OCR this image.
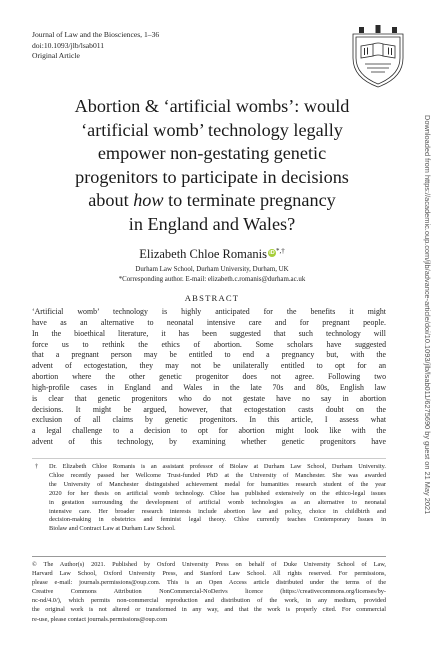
Journal of Law and the Biosciences, 1–36
doi:10.1093/jlb/lsab011
Original Article
Abortion & ‘artificial wombs’: would
‘artificial womb’ technology legally
empower non-gestating genetic
progenitors to participate in decisions
about how to terminate pregnancy
in England and Wales?
Elizabeth Chloe Romanis iD*,†
Durham Law School, Durham University, Durham, UK
*Corresponding author. E-mail: elizabeth.c.romanis@durham.ac.uk
ABSTRACT
‘Artificial womb’ technology is highly anticipated for the benefits it might
have as an alternative to neonatal intensive care and for pregnant people.
In the bioethical literature, it has been suggested that such technology will
force us to rethink the ethics of abortion. Some scholars have suggested
that a pregnant person may be entitled to end a pregnancy but, with the
advent of ectogestation, they may not be unilaterally entitled to opt for an
abortion where the other genetic progenitor does not agree. Following two
high-profile cases in England and Wales in the late 70s and 80s, English law
is clear that genetic progenitors who do not gestate have no say in abortion
decisions. It might be argued, however, that ectogestation casts doubt on the
exclusion of all claims by genetic progenitors. In this article, I assess what
a legal challenge to a decision to opt for abortion might look like with the
advent of this technology, by examining whether genetic progenitors have
† Dr. Elizabeth Chloe Romanis is an assistant professor of Biolaw at Durham Law School, Durham University.
Chloe recently passed her Wellcome Trust-funded PhD at the University of Manchester. She was awarded
the University of Manchester distinguished achievement medal for humanities research student of the year
2020 for her thesis on artificial womb technology. Chloe has published extensively on the ethico-legal issues
in gestation surrounding the development of artificial womb technologies as an alternative to neonatal
intensive care. Her broader research interests include abortion law and policy, choice in childbirth and
decision-making in obstetrics and feminist legal theory. Chloe currently teaches Contemporary Issues in
Biolaw and Contract Law at Durham Law School.
© The Author(s) 2021. Published by Oxford University Press on behalf of Duke University School of Law,
Harvard Law School, Oxford University Press, and Stanford Law School. All rights reserved. For permissions,
please e-mail: journals.permissions@oup.com. This is an Open Access article distributed under the terms of the
Creative Commons Attribution NonCommercial-NoDerivs licence (https://creativecommons.org/licenses/by-
nc-nd/4.0/), which permits non-commercial reproduction and distribution of the work, in any medium, provided
the original work is not altered or transformed in any way, and that the work is properly cited. For commercial
re-use, please contact journals.permissions@oup.com
Downloaded from https://academic.oup.com/jlb/advance-article/doi/10.1093/jlb/lsab011/6275690 by guest on 21 May 2021
